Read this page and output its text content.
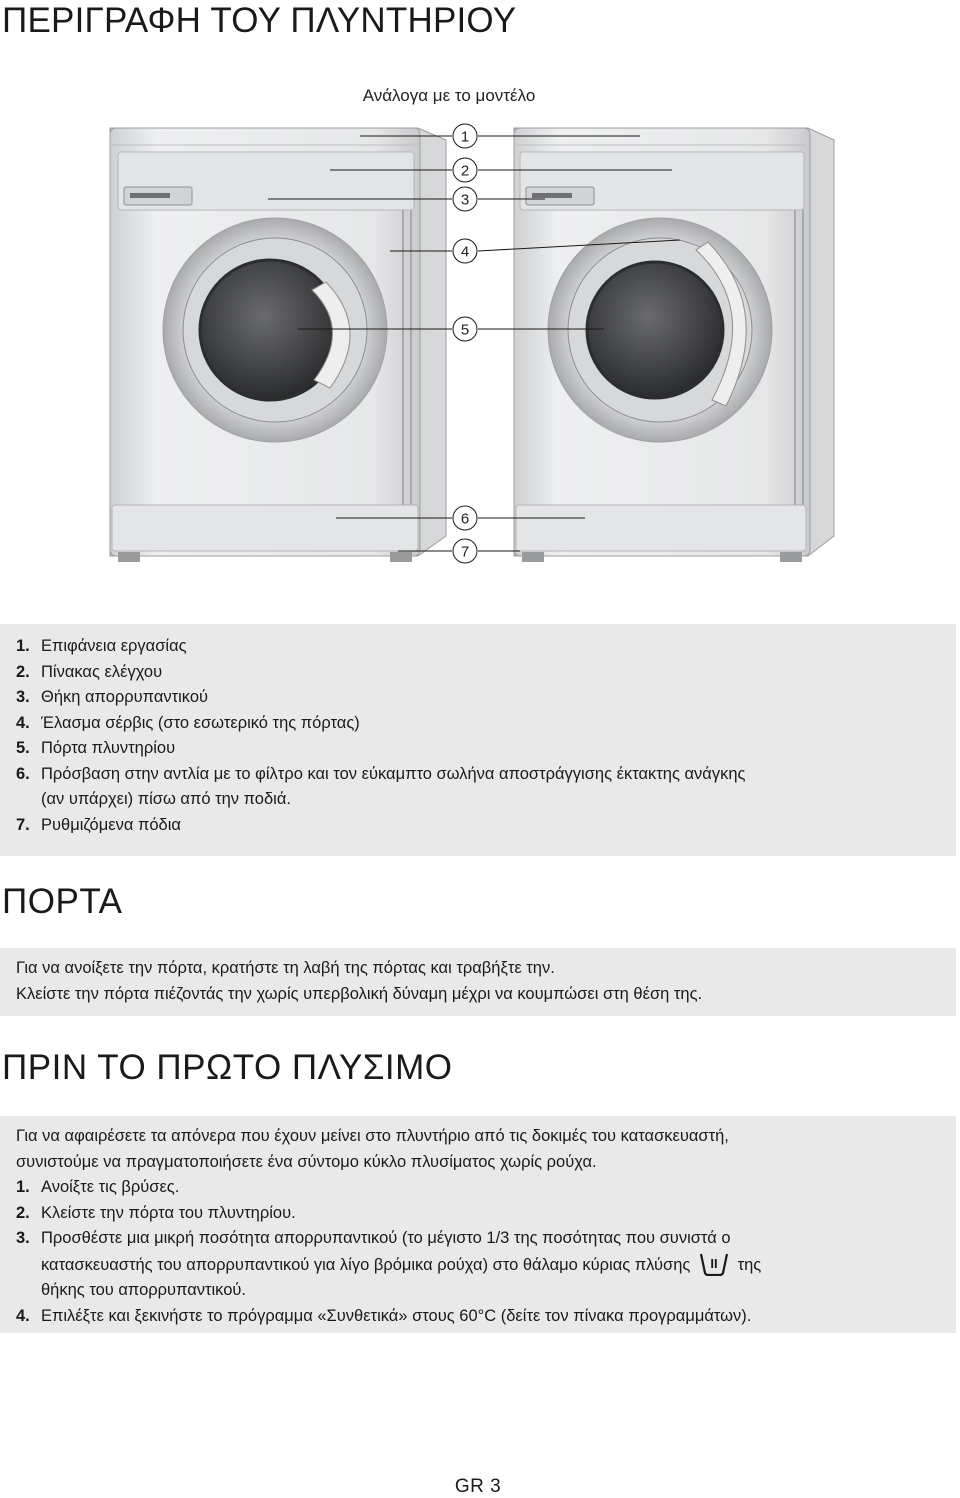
ΠΕΡΙΓΡΑΦΗ ΤΟΥ ΠΛΥΝΤΗΡΙΟΥ
Ανάλογα με το μοντέλο
1
2
3
4
5
6
7
1. Επιφάνεια εργασίας
2. Πίνακας ελέγχου
3. Θήκη απορρυπαντικού
4. Έλασμα σέρβις (στο εσωτερικό της πόρτας)
5. Πόρτα πλυντηρίου
6. Πρόσβαση στην αντλία με το φίλτρο και τον εύκαμπτο σωλήνα αποστράγγισης έκτακτης ανάγκης
(αν υπάρχει) πίσω από την ποδιά.
7. Ρυθμιζόμενα πόδια
ΠΟΡΤΑ
Για να ανοίξετε την πόρτα, κρατήστε τη λαβή της πόρτας και τραβήξτε την.
Κλείστε την πόρτα πιέζοντάς την χωρίς υπερβολική δύναμη μέχρι να κουμπώσει στη θέση της.
ΠΡΙΝ ΤΟ ΠΡΩΤΟ ΠΛΥΣΙΜΟ
Για να αφαιρέσετε τα απόνερα που έχουν μείνει στο πλυντήριο από τις δοκιμές του κατασκευαστή,
συνιστούμε να πραγματοποιήσετε ένα σύντομο κύκλο πλυσίματος χωρίς ρούχα.
1. Ανοίξτε τις βρύσες.
2. Κλείστε την πόρτα του πλυντηρίου.
3. Προσθέστε μια μικρή ποσότητα απορρυπαντικού (το μέγιστο 1/3 της ποσότητας που συνιστά ο
κατασκευαστής του απορρυπαντικού για λίγο βρόμικα ρούχα) στο θάλαμο κύριας πλύσης II της
θήκης του απορρυπαντικού.
4. Επιλέξτε και ξεκινήστε το πρόγραμμα «Συνθετικά» στους 60°C (δείτε τον πίνακα προγραμμάτων).
GR 3
